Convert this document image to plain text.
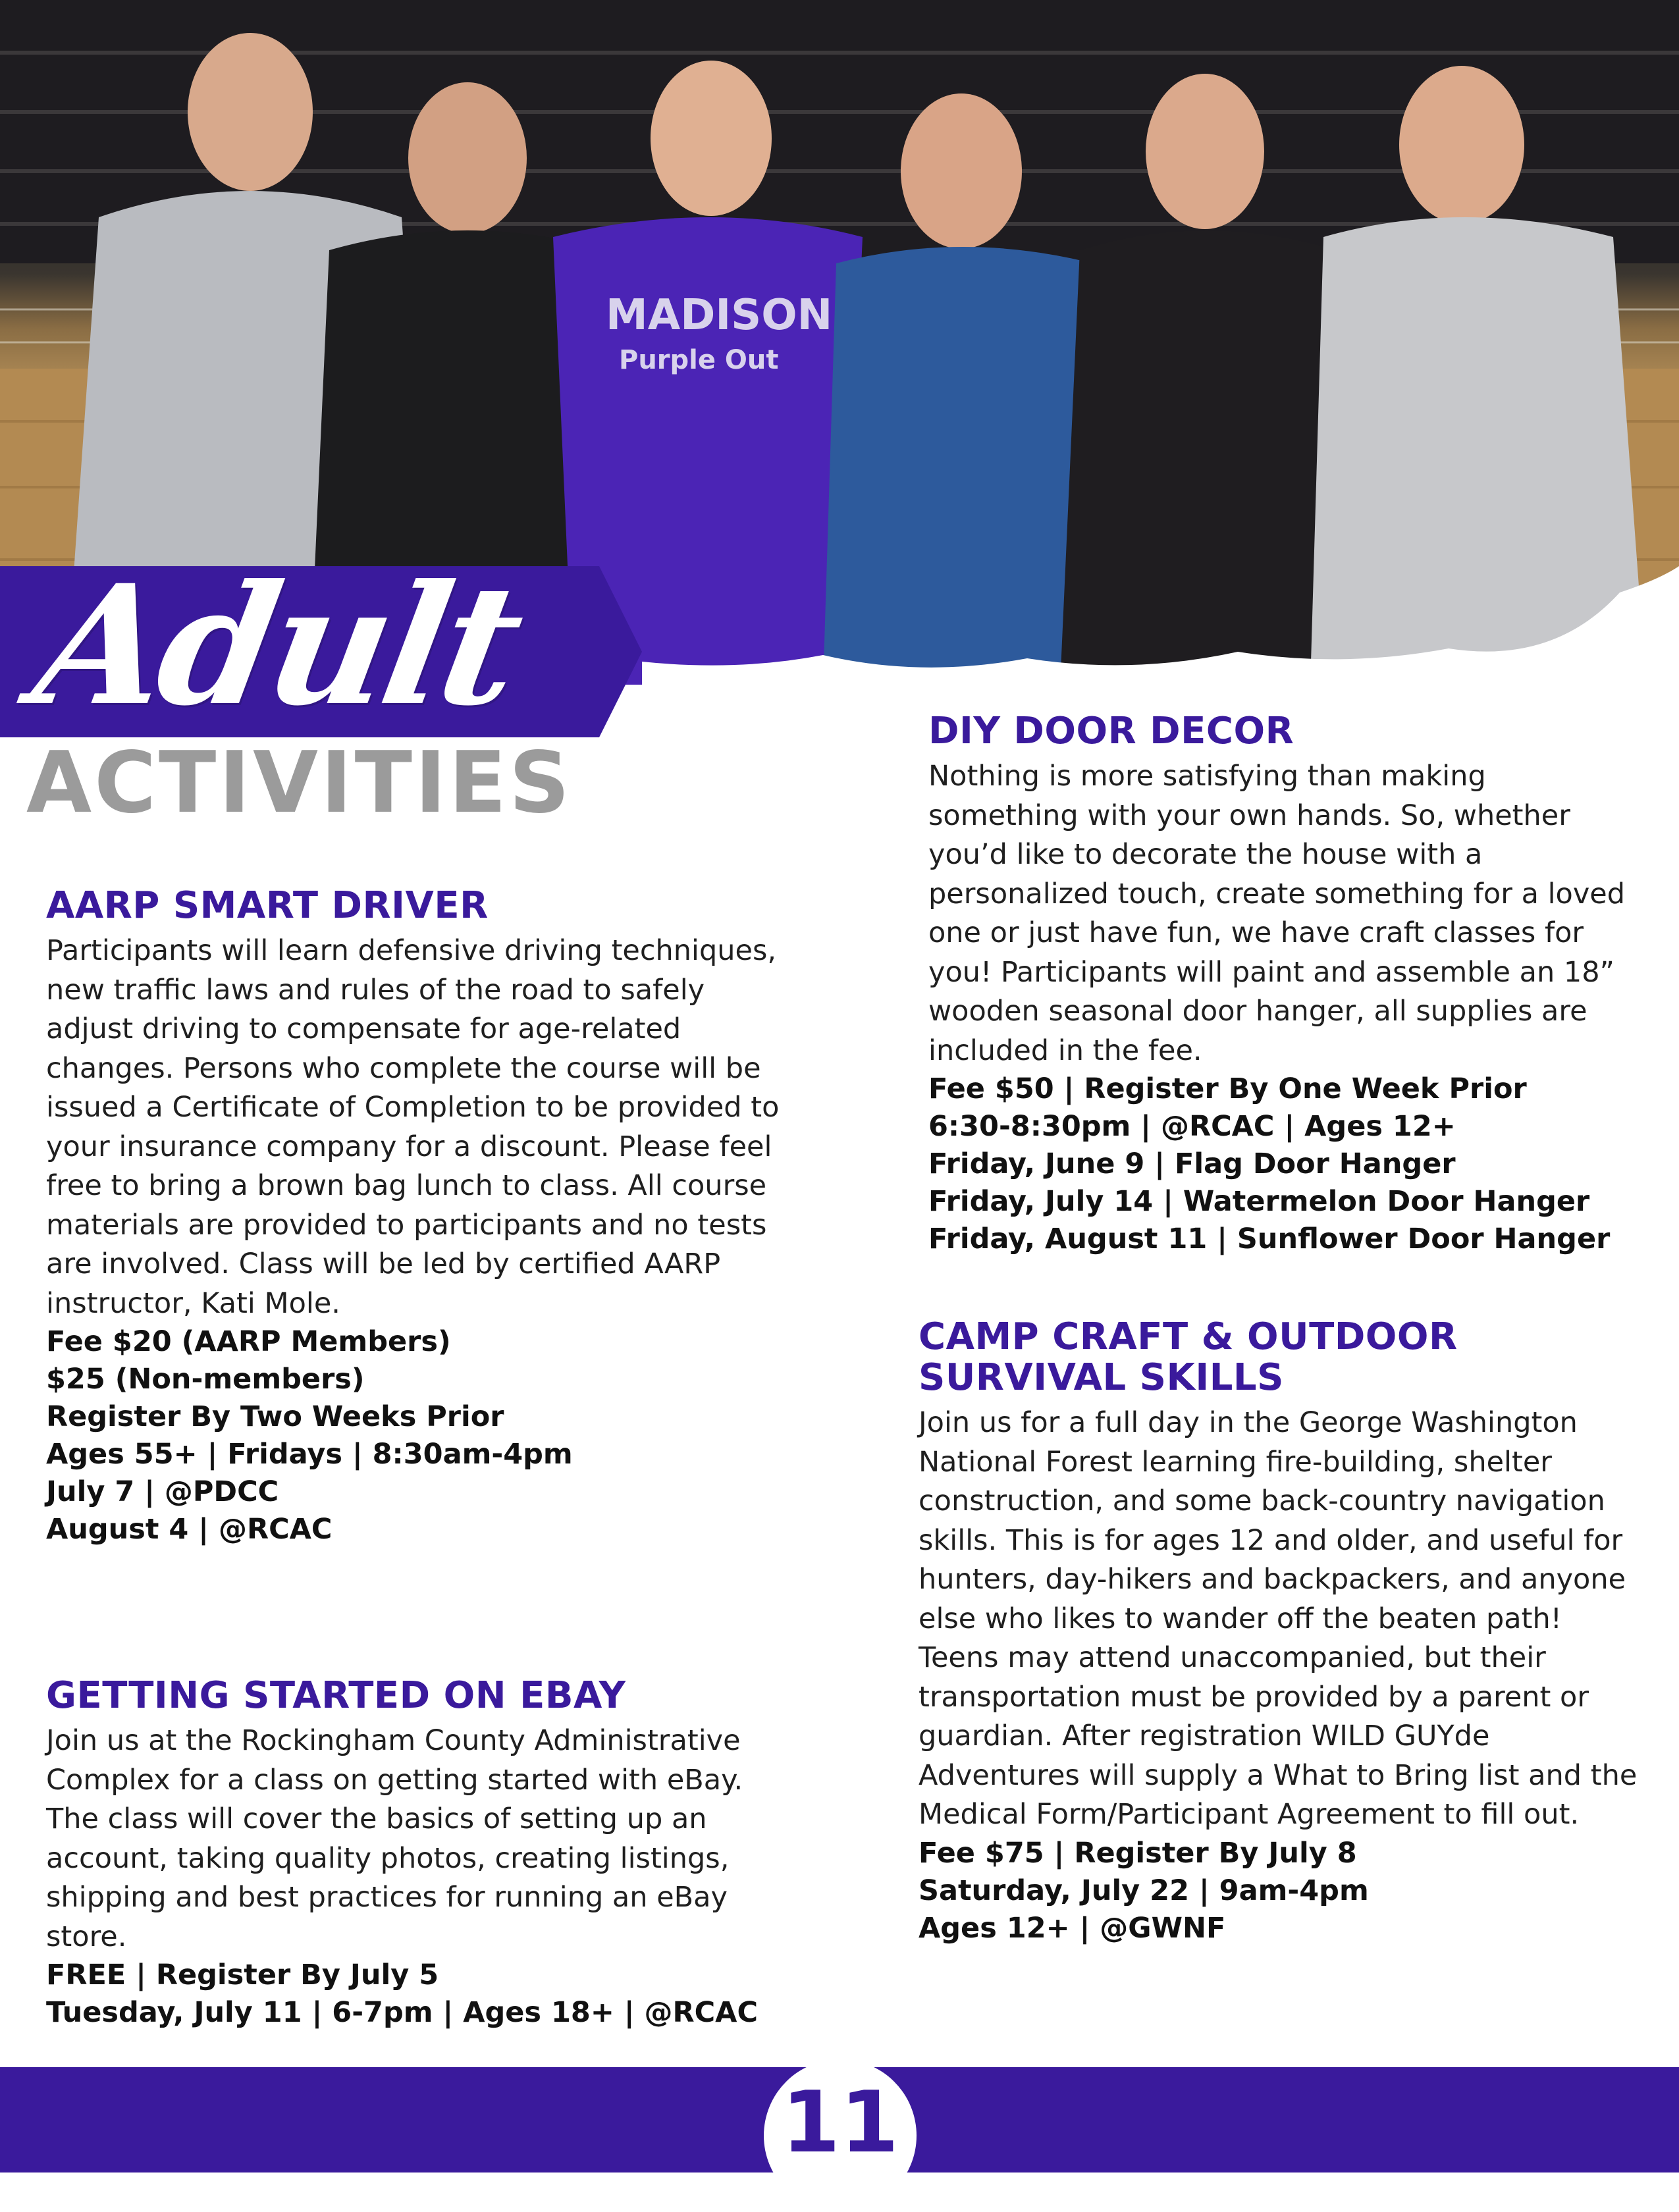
MADISON
Purple Out
Adult
ACTIVITIES
AARP SMART DRIVER

Participants will learn defensive driving techniques, new traffic laws and rules of the road to safely adjust driving to compensate for age-related changes. Persons who complete the course will be issued a Certificate of Completion to be provided to your insurance company for a discount. Please feel free to bring a brown bag lunch to class. All course materials are provided to participants and no tests are involved. Class will be led by certified AARP instructor, Kati Mole.

Fee $20 (AARP Members)
$25 (Non-members)
Register By Two Weeks Prior
Ages 55+ | Fridays | 8:30am-4pm
July 7 | @PDCC
August 4 | @RCAC
GETTING STARTED ON EBAY

Join us at the Rockingham County Administrative Complex for a class on getting started with eBay. The class will cover the basics of setting up an account, taking quality photos, creating listings, shipping and best practices for running an eBay store.

FREE | Register By July 5
Tuesday, July 11 | 6-7pm | Ages 18+ | @RCAC
DIY DOOR DECOR

Nothing is more satisfying than making something with your own hands. So, whether you’d like to decorate the house with a personalized touch, create something for a loved one or just have fun, we have craft classes for you! Participants will paint and assemble an 18” wooden seasonal door hanger, all supplies are included in the fee.

Fee $50 | Register By One Week Prior
6:30-8:30pm | @RCAC | Ages 12+
Friday, June 9 | Flag Door Hanger
Friday, July 14 | Watermelon Door Hanger
Friday, August 11 | Sunflower Door Hanger
CAMP CRAFT & OUTDOOR
SURVIVAL SKILLS

Join us for a full day in the George Washington National Forest learning fire-building, shelter construction, and some back-country navigation skills. This is for ages 12 and older, and useful for hunters, day-hikers and backpackers, and anyone else who likes to wander off the beaten path! Teens may attend unaccompanied, but their transportation must be provided by a parent or guardian. After registration WILD GUYde Adventures will supply a What to Bring list and the Medical Form/Participant Agreement to fill out.

Fee $75 | Register By July 8
Saturday, July 22 | 9am-4pm
Ages 12+ | @GWNF
11
